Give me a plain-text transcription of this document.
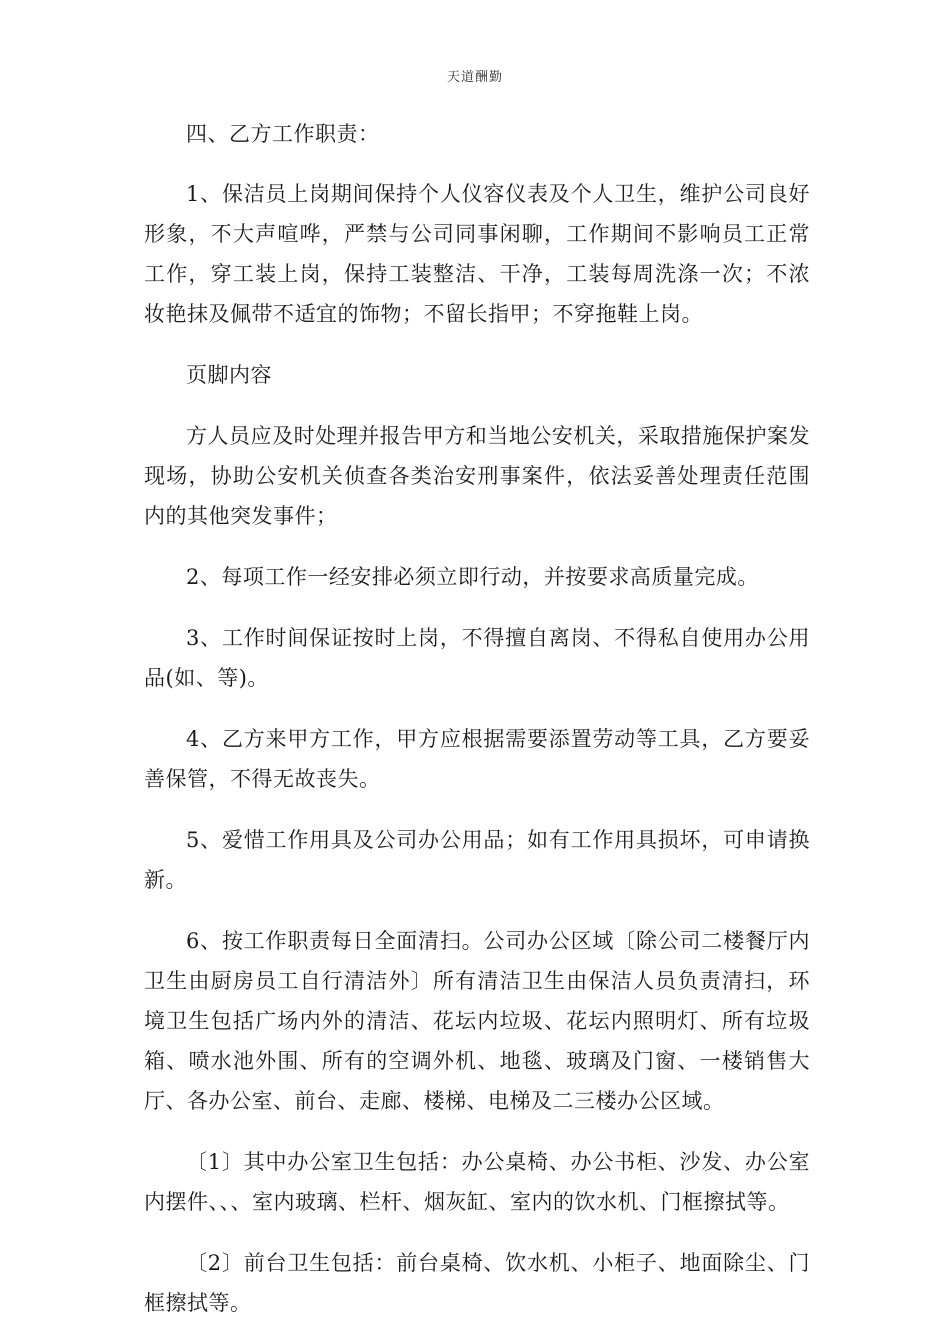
天道酬勤

四、乙方工作职责：

1、保洁员上岗期间保持个人仪容仪表及个人卫生，维护公司良好形象，不大声喧哗，严禁与公司同事闲聊，工作期间不影响员工正常工作，穿工装上岗，保持工装整洁、干净，工装每周洗涤一次；不浓妆艳抹及佩带不适宜的饰物；不留长指甲；不穿拖鞋上岗。

页脚内容

方人员应及时处理并报告甲方和当地公安机关，采取措施保护案发现场，协助公安机关侦查各类治安刑事案件，依法妥善处理责任范围内的其他突发事件；

2、每项工作一经安排必须立即行动，并按要求高质量完成。

3、工作时间保证按时上岗，不得擅自离岗、不得私自使用办公用品(如、等)。

4、乙方来甲方工作，甲方应根据需要添置劳动等工具，乙方要妥善保管，不得无故丧失。

5、爱惜工作用具及公司办公用品；如有工作用具损坏，可申请换新。

6、按工作职责每日全面清扫。公司办公区域〔除公司二楼餐厅内卫生由厨房员工自行清洁外〕所有清洁卫生由保洁人员负责清扫，环境卫生包括广场内外的清洁、花坛内垃圾、花坛内照明灯、所有垃圾箱、喷水池外围、所有的空调外机、地毯、玻璃及门窗、一楼销售大厅、各办公室、前台、走廊、楼梯、电梯及二三楼办公区域。

〔1〕其中办公室卫生包括：办公桌椅、办公书柜、沙发、办公室内摆件、、、室内玻璃、栏杆、烟灰缸、室内的饮水机、门框擦拭等。

〔2〕前台卫生包括：前台桌椅、饮水机、小柜子、地面除尘、门框擦拭等。
